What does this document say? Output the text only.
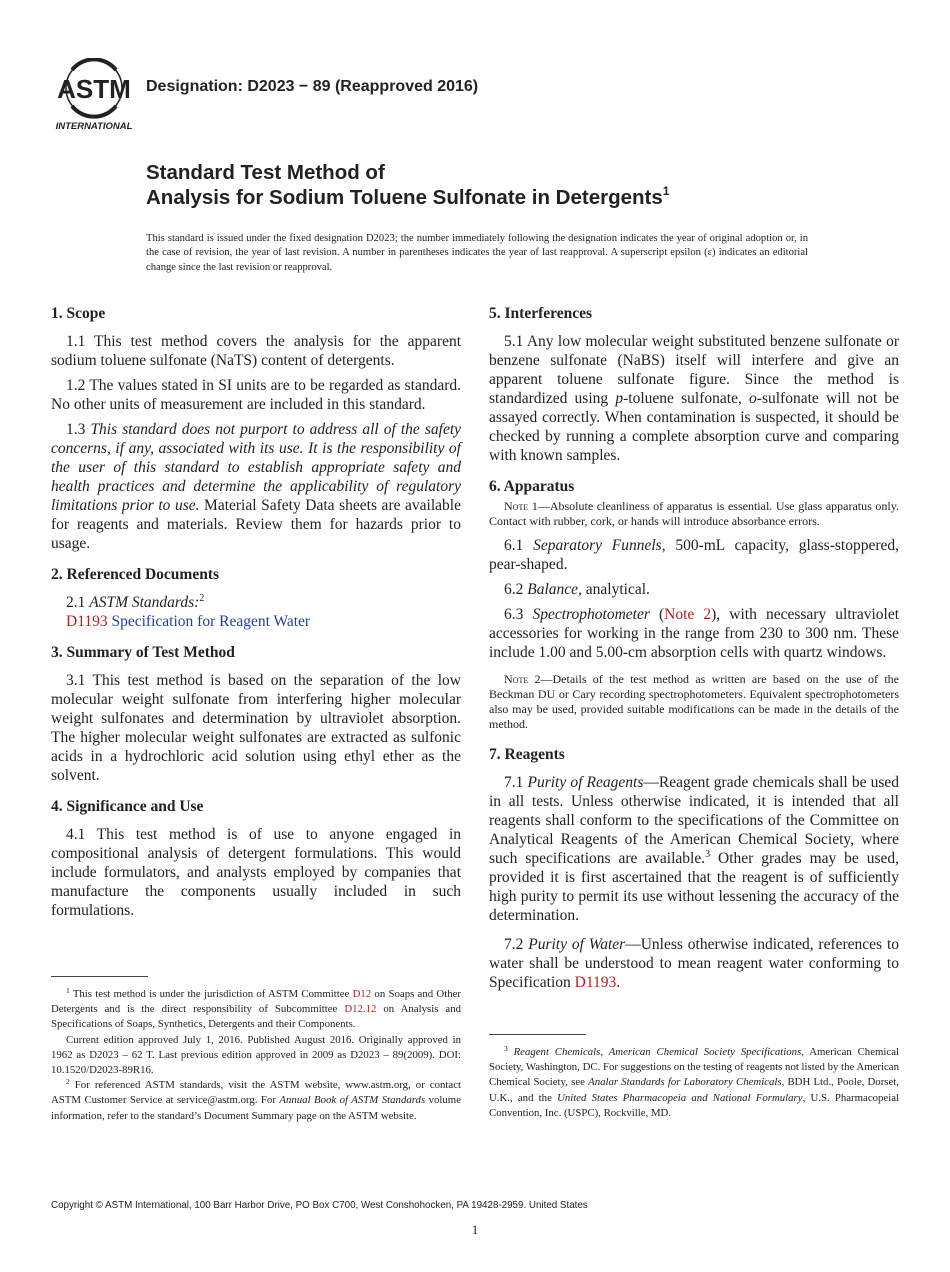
ASTM
INTERNATIONAL
Designation: D2023 − 89 (Reapproved 2016)
Standard Test Method of
Analysis for Sodium Toluene Sulfonate in Detergents$^1$
This standard is issued under the fixed designation D2023; the number immediately following the designation indicates the year of original adoption or, in the case of revision, the year of last revision. A number in parentheses indicates the year of last reapproval. A superscript epsilon (ε) indicates an editorial change since the last revision or reapproval.
1. Scope

1.1 This test method covers the analysis for the apparent sodium toluene sulfonate (NaTS) content of detergents.

1.2 The values stated in SI units are to be regarded as standard. No other units of measurement are included in this standard.

1.3 This standard does not purport to address all of the safety concerns, if any, associated with its use. It is the responsibility of the user of this standard to establish appropriate safety and health practices and determine the applicability of regulatory limitations prior to use. Material Safety Data sheets are available for reagents and materials. Review them for hazards prior to usage.

2. Referenced Documents

2.1 ASTM Standards:$^2$

D1193 Specification for Reagent Water

3. Summary of Test Method

3.1 This test method is based on the separation of the low molecular weight sulfonate from interfering higher molecular weight sulfonates and determination by ultraviolet absorption. The higher molecular weight sulfonates are extracted as sulfonic acids in a hydrochloric acid solution using ethyl ether as the solvent.

4. Significance and Use

4.1 This test method is of use to anyone engaged in compositional analysis of detergent formulations. This would include formulators, and analysts employed by companies that manufacture the components usually included in such formulations.

5. Interferences

5.1 Any low molecular weight substituted benzene sulfonate or benzene sulfonate (NaBS) itself will interfere and give an apparent toluene sulfonate figure. Since the method is standardized using p-toluene sulfonate, o-sulfonate will not be assayed correctly. When contamination is suspected, it should be checked by running a complete absorption curve and comparing with known samples.

6. Apparatus

Note 1—Absolute cleanliness of apparatus is essential. Use glass apparatus only. Contact with rubber, cork, or hands will introduce absorbance errors.

6.1 Separatory Funnels, 500-mL capacity, glass-stoppered, pear-shaped.

6.2 Balance, analytical.

6.3 Spectrophotometer (Note 2), with necessary ultraviolet accessories for working in the range from 230 to 300 nm. These include 1.00 and 5.00-cm absorption cells with quartz windows.

Note 2—Details of the test method as written are based on the use of the Beckman DU or Cary recording spectrophotometers. Equivalent spectrophotometers also may be used, provided suitable modifications can be made in the details of the method.

7. Reagents

7.1 Purity of Reagents—Reagent grade chemicals shall be used in all tests. Unless otherwise indicated, it is intended that all reagents shall conform to the specifications of the Committee on Analytical Reagents of the American Chemical Society, where such specifications are available.$^3$ Other grades may be used, provided it is first ascertained that the reagent is of sufficiently high purity to permit its use without lessening the accuracy of the determination.

7.2 Purity of Water—Unless otherwise indicated, references to water shall be understood to mean reagent water conforming to Specification D1193.

$^1$ This test method is under the jurisdiction of ASTM Committee D12 on Soaps and Other Detergents and is the direct responsibility of Subcommittee D12.12 on Analysis and Specifications of Soaps, Synthetics, Detergents and their Components.

Current edition approved July 1, 2016. Published August 2016. Originally approved in 1962 as D2023 – 62 T. Last previous edition approved in 2009 as D2023 – 89(2009). DOI: 10.1520/D2023-89R16.

$^2$ For referenced ASTM standards, visit the ASTM website, www.astm.org, or contact ASTM Customer Service at service@astm.org. For Annual Book of ASTM Standards volume information, refer to the standard’s Document Summary page on the ASTM website.

$^3$ Reagent Chemicals, American Chemical Society Specifications, American Chemical Society, Washington, DC. For suggestions on the testing of reagents not listed by the American Chemical Society, see Analar Standards for Laboratory Chemicals, BDH Ltd., Poole, Dorset, U.K., and the United States Pharmacopeia and National Formulary, U.S. Pharmacopeial Convention, Inc. (USPC), Rockville, MD.

Copyright © ASTM International, 100 Barr Harbor Drive, PO Box C700, West Conshohocken, PA 19428-2959. United States
1
